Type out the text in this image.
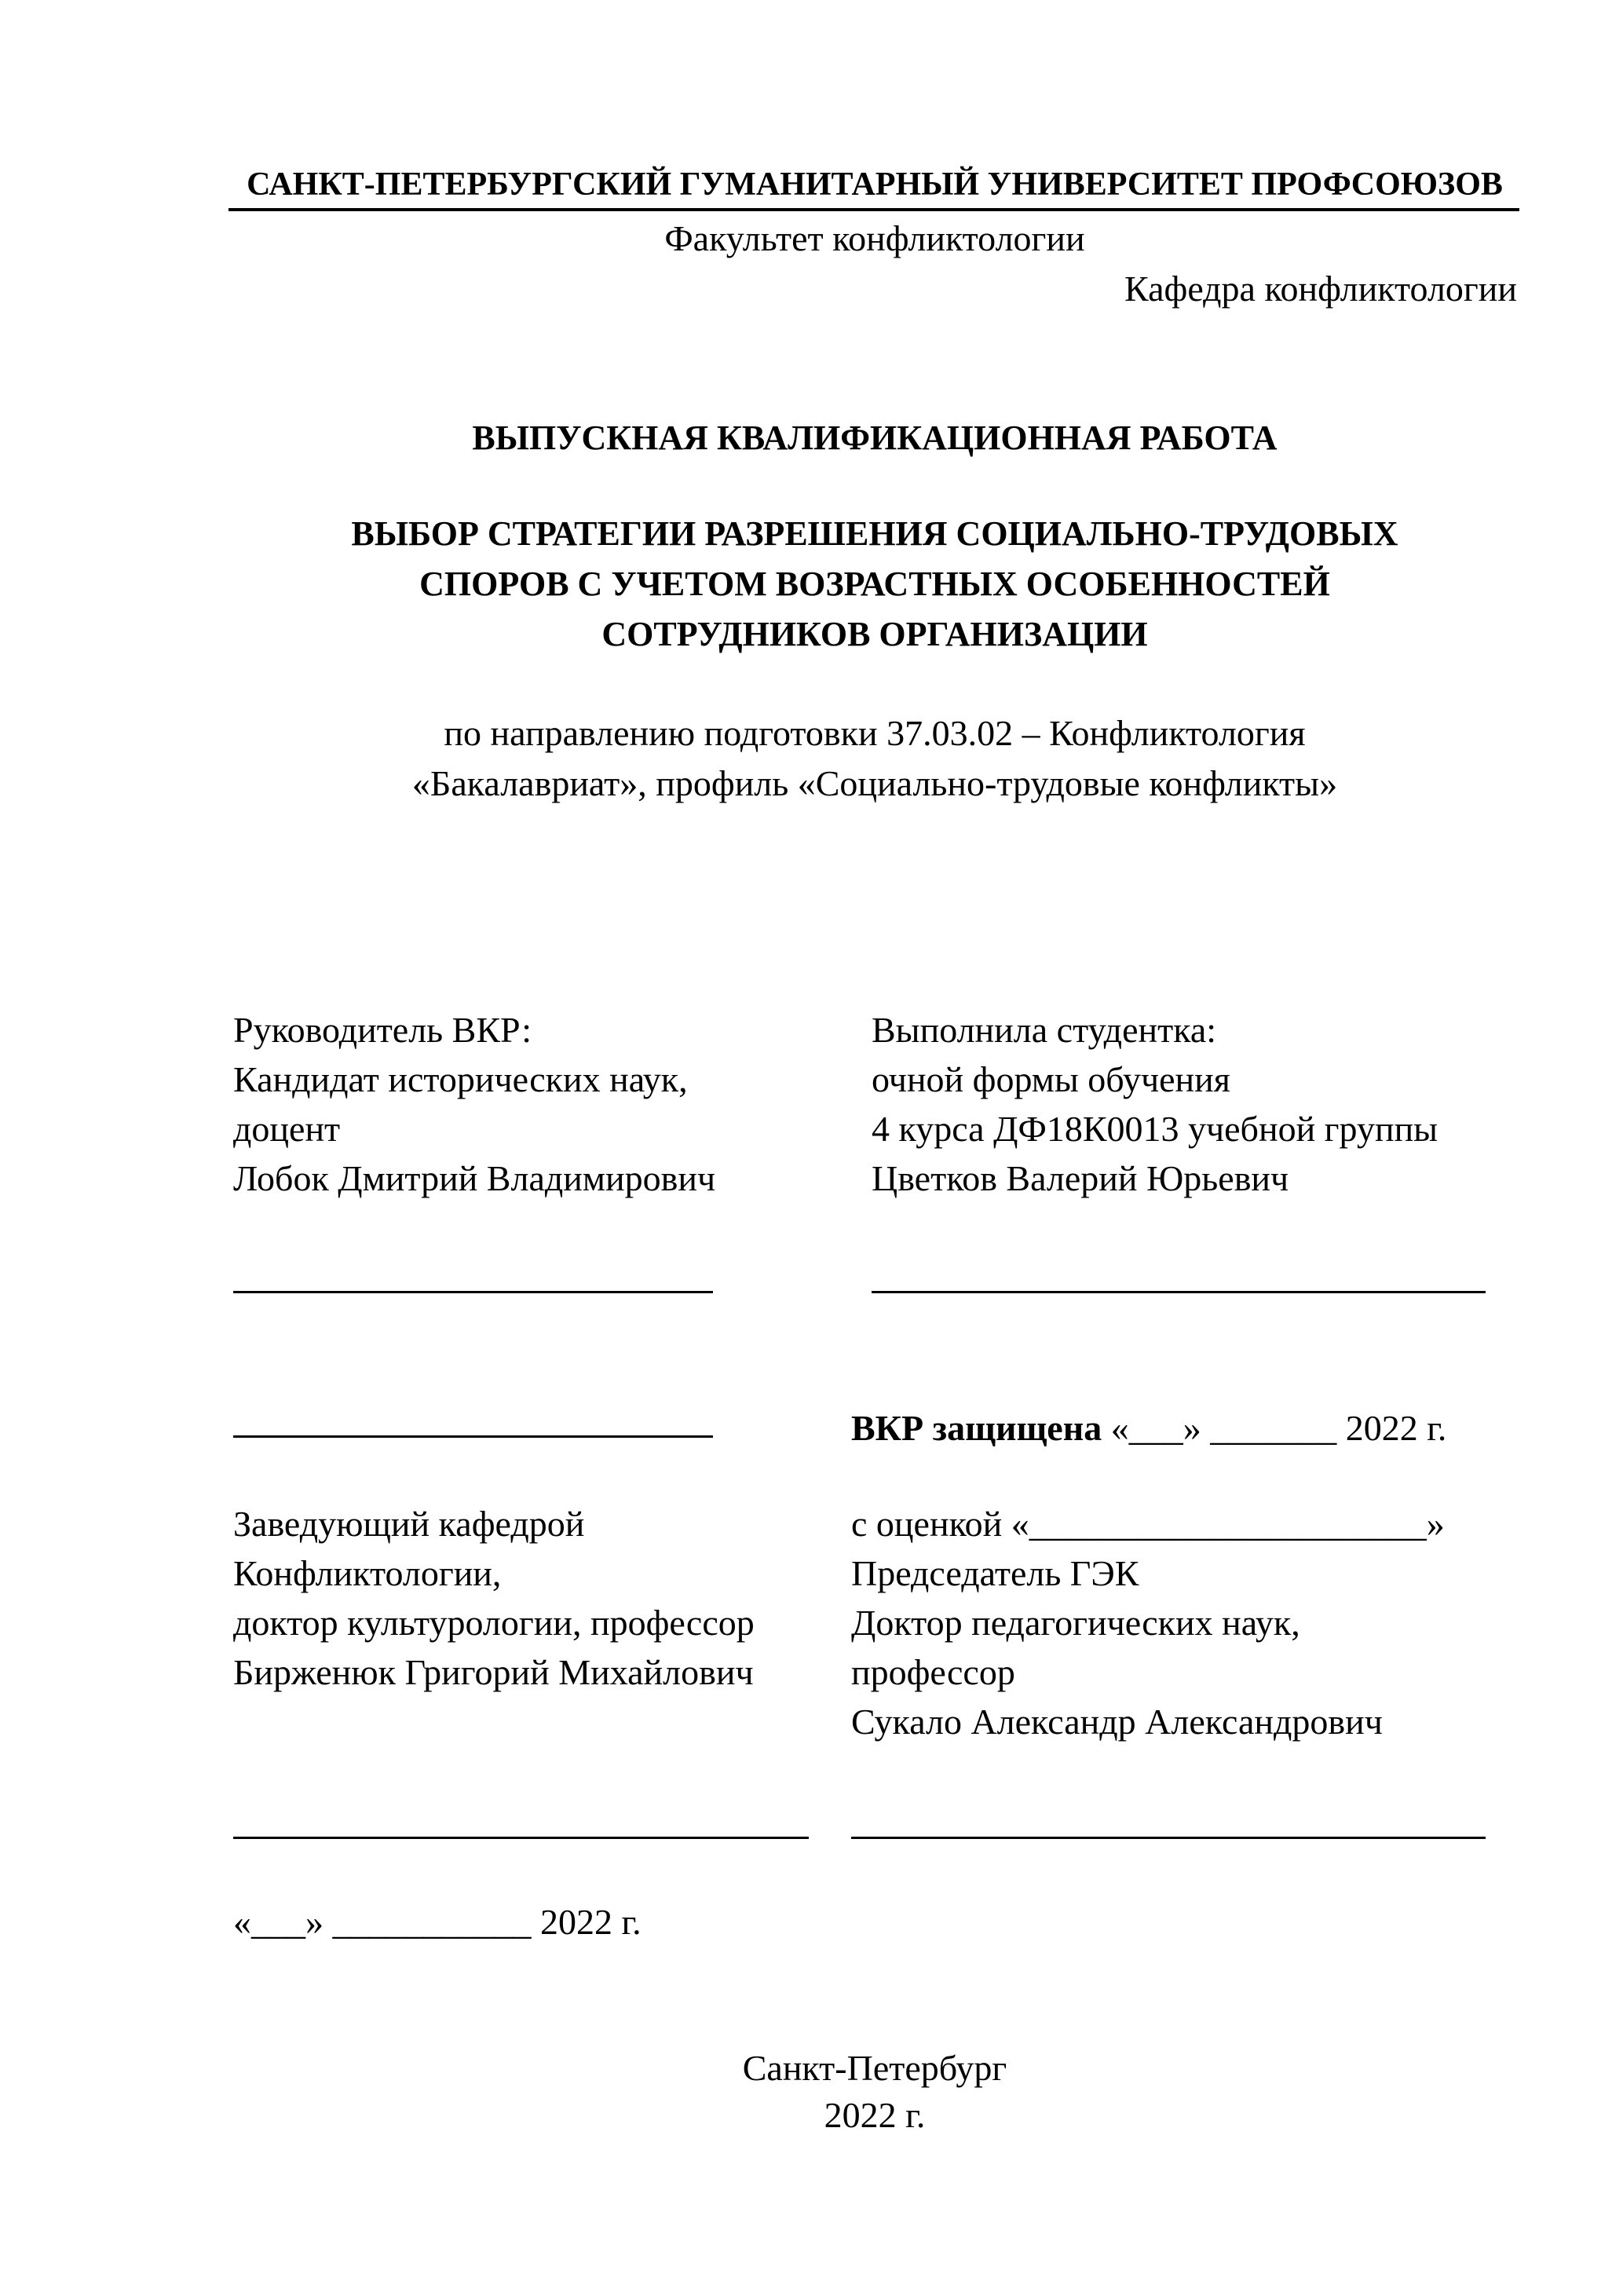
САНКТ-ПЕТЕРБУРГСКИЙ ГУМАНИТАРНЫЙ УНИВЕРСИТЕТ ПРОФСОЮЗОВ
Факультет конфликтологии
Кафедра конфликтологии
ВЫПУСКНАЯ КВАЛИФИКАЦИОННАЯ РАБОТА
ВЫБОР СТРАТЕГИИ РАЗРЕШЕНИЯ СОЦИАЛЬНО-ТРУДОВЫХ
СПОРОВ С УЧЕТОМ ВОЗРАСТНЫХ ОСОБЕННОСТЕЙ
СОТРУДНИКОВ ОРГАНИЗАЦИИ
по направлению подготовки 37.03.02 – Конфликтология
«Бакалавриат», профиль «Социально-трудовые конфликты»
Руководитель ВКР:
Кандидат исторических наук,
доцент
Лобок Дмитрий Владимирович
Выполнила студентка:
очной формы обучения
4 курса ДФ18К0013 учебной группы
Цветков Валерий Юрьевич
ВКР защищена «___» _______ 2022 г.
Заведующий кафедрой
Конфликтологии,
доктор культурологии, профессор
Бирженюк Григорий Михайлович
с оценкой «______________________»
Председатель ГЭК
Доктор педагогических наук,
профессор
Сукало Александр Александрович
«___» ___________ 2022 г.
Санкт-Петербург
2022 г.
